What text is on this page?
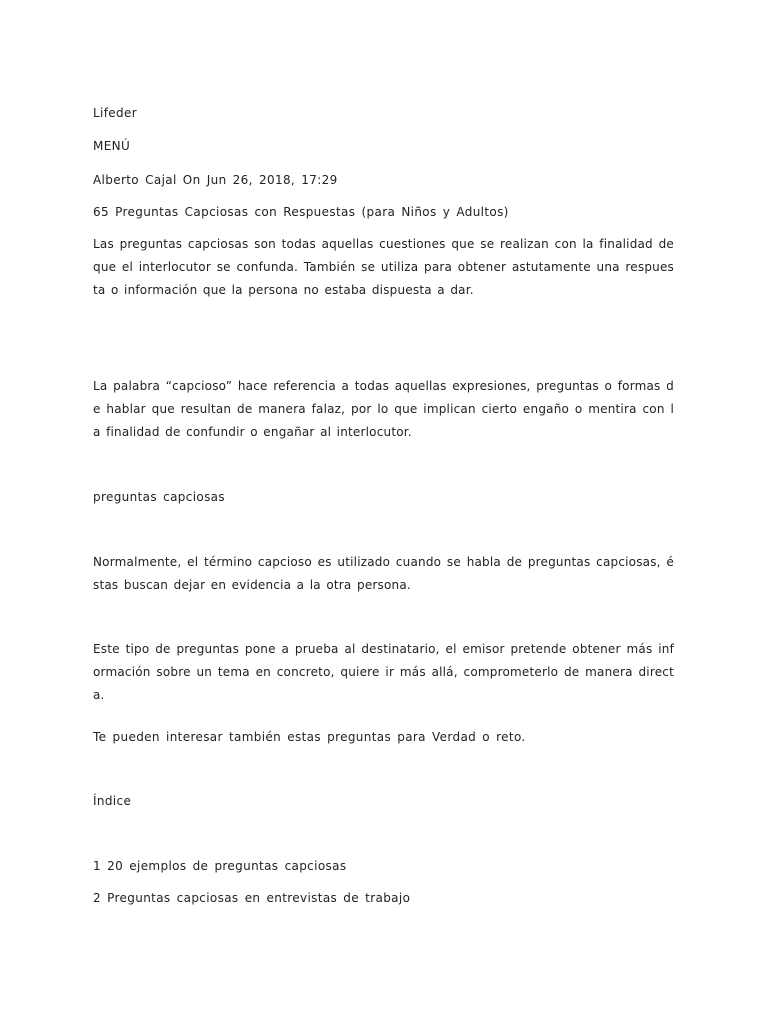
Lifeder
MENÚ
Alberto Cajal On Jun 26, 2018, 17:29
65 Preguntas Capciosas con Respuestas (para Niños y Adultos)
Las preguntas capciosas son todas aquellas cuestiones que se realizan con la finalidad de que el interlocutor se confunda. También se utiliza para obtener astutamente una respuesta o información que la persona no estaba dispuesta a dar.
La palabra “capcioso” hace referencia a todas aquellas expresiones, preguntas o formas de hablar que resultan de manera falaz, por lo que implican cierto engaño o mentira con la finalidad de confundir o engañar al interlocutor.
preguntas capciosas
Normalmente, el término capcioso es utilizado cuando se habla de preguntas capciosas, éstas buscan dejar en evidencia a la otra persona.
Este tipo de preguntas pone a prueba al destinatario, el emisor pretende obtener más información sobre un tema en concreto, quiere ir más allá, comprometerlo de manera directa.
Te pueden interesar también estas preguntas para Verdad o reto.
Índice
1 20 ejemplos de preguntas capciosas
2 Preguntas capciosas en entrevistas de trabajo
